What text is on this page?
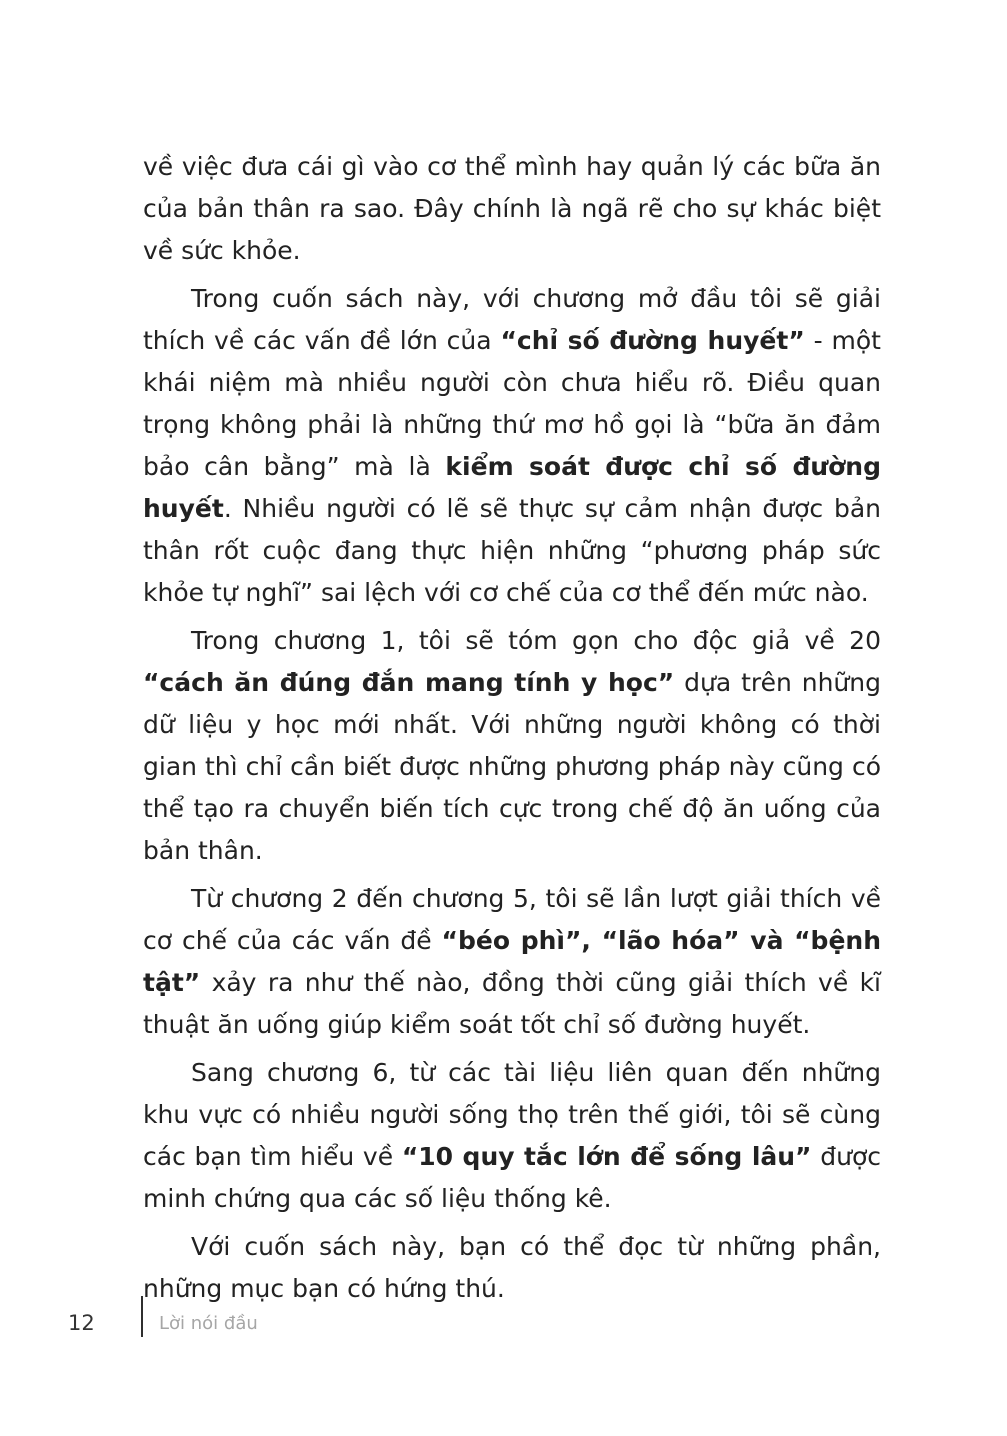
về việc đưa cái gì vào cơ thể mình hay quản lý các bữa ăn của bản thân ra sao. Đây chính là ngã rẽ cho sự khác biệt về sức khỏe.

Trong cuốn sách này, với chương mở đầu tôi sẽ giải thích về các vấn đề lớn của “chỉ số đường huyết” - một khái niệm mà nhiều người còn chưa hiểu rõ. Điều quan trọng không phải là những thứ mơ hồ gọi là “bữa ăn đảm bảo cân bằng” mà là kiểm soát được chỉ số đường huyết. Nhiều người có lẽ sẽ thực sự cảm nhận được bản thân rốt cuộc đang thực hiện những “phương pháp sức khỏe tự nghĩ” sai lệch với cơ chế của cơ thể đến mức nào.

Trong chương 1, tôi sẽ tóm gọn cho độc giả về 20 “cách ăn đúng đắn mang tính y học” dựa trên những dữ liệu y học mới nhất. Với những người không có thời gian thì chỉ cần biết được những phương pháp này cũng có thể tạo ra chuyển biến tích cực trong chế độ ăn uống của bản thân.

Từ chương 2 đến chương 5, tôi sẽ lần lượt giải thích về cơ chế của các vấn đề “béo phì”, “lão hóa” và “bệnh tật” xảy ra như thế nào, đồng thời cũng giải thích về kĩ thuật ăn uống giúp kiểm soát tốt chỉ số đường huyết.

Sang chương 6, từ các tài liệu liên quan đến những khu vực có nhiều người sống thọ trên thế giới, tôi sẽ cùng các bạn tìm hiểu về “10 quy tắc lớn để sống lâu” được minh chứng qua các số liệu thống kê.

Với cuốn sách này, bạn có thể đọc từ những phần, những mục bạn có hứng thú.

12	Lời nói đầu
